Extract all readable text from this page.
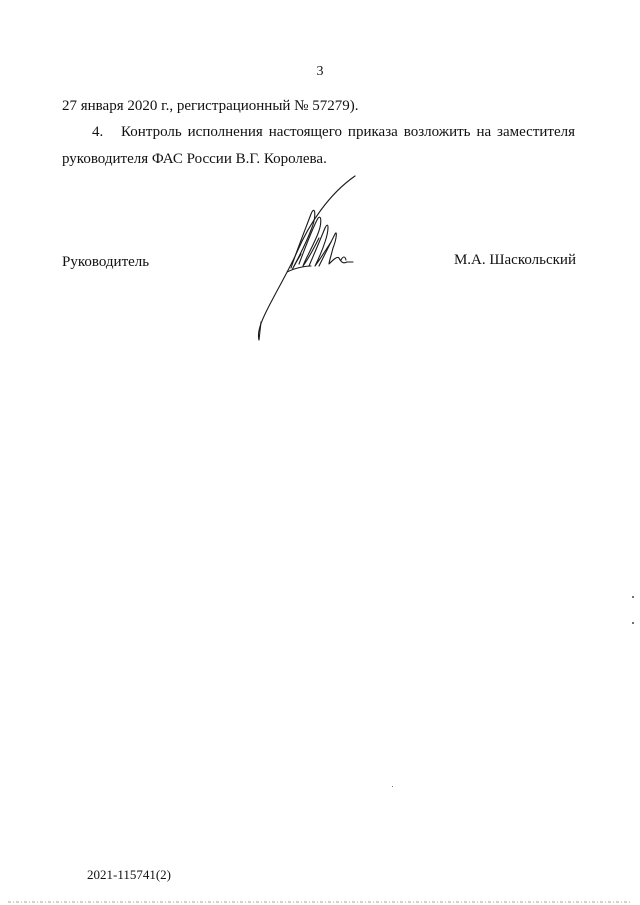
3
27 января 2020 г., регистрационный № 57279).
4. Контроль исполнения настоящего приказа возложить на заместителя
руководителя ФАС России В.Г. Королева.
Руководитель	М.А. Шаскольский
2021-115741(2)
